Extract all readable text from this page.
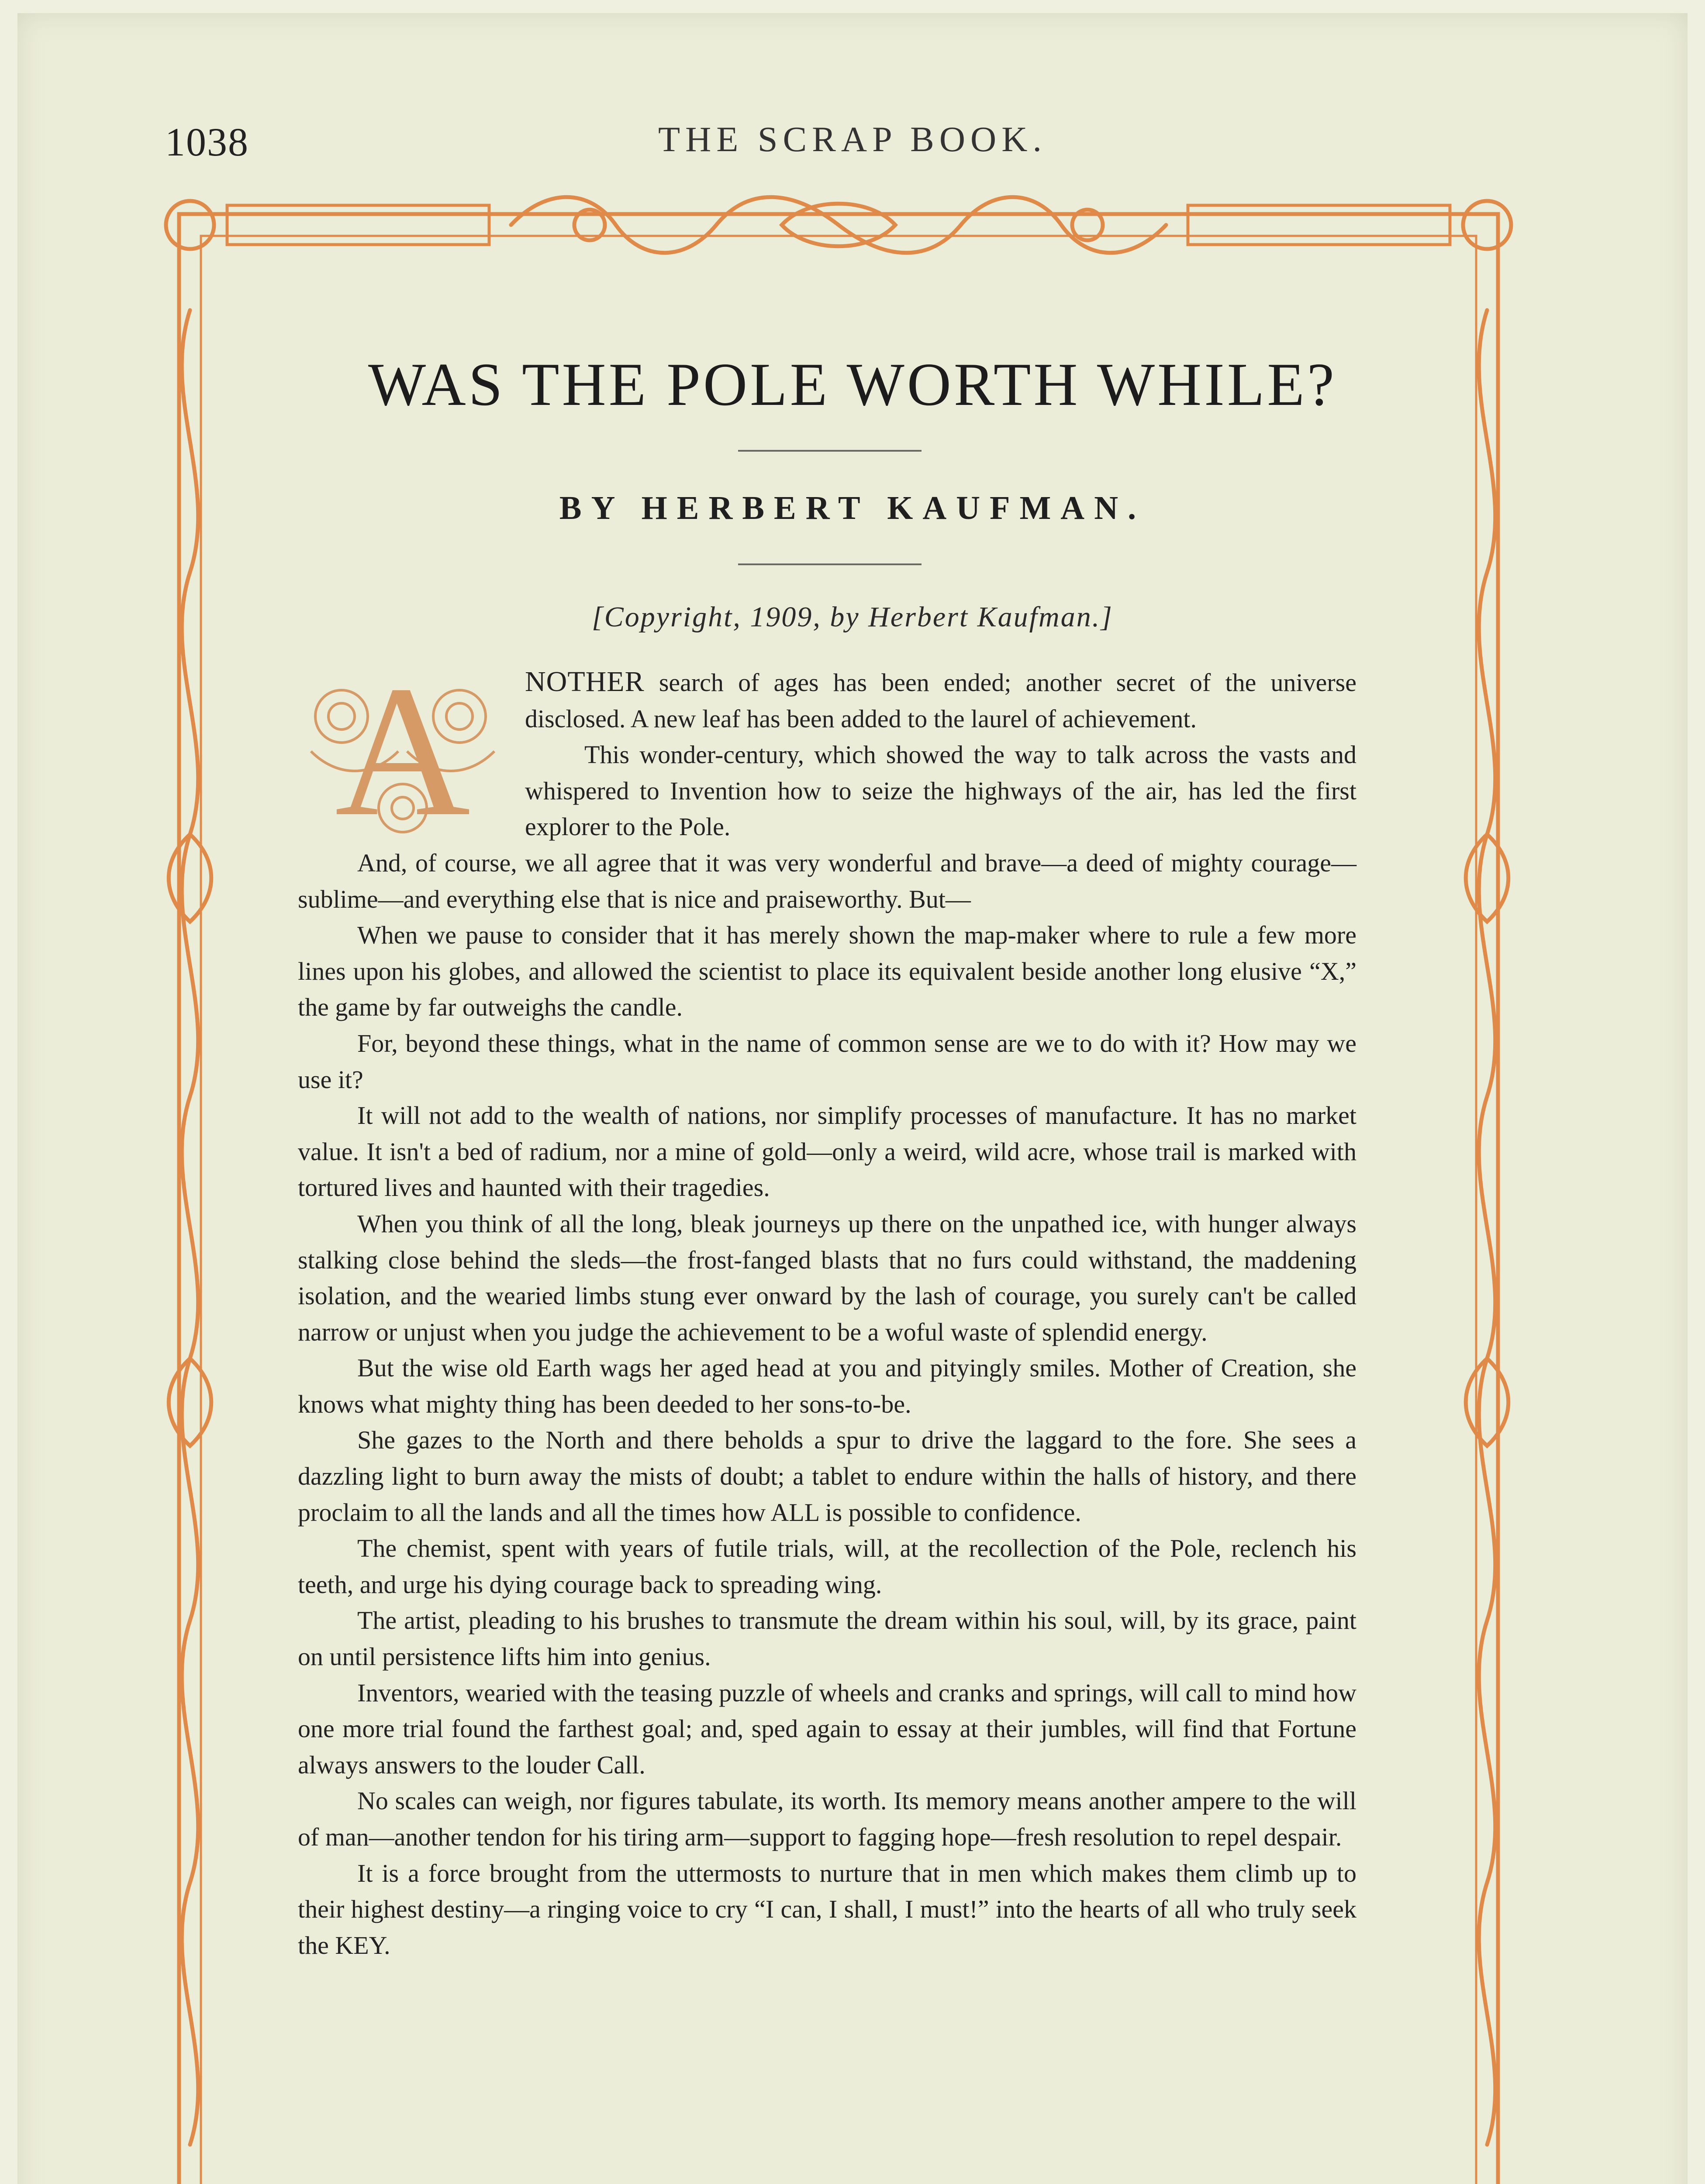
1038	THE SCRAP BOOK.
WAS THE POLE WORTH WHILE?
BY HERBERT KAUFMAN.
[Copyright, 1909, by Herbert Kaufman.]

A	NOTHER search of ages has been ended; another secret of the universe disclosed. A new leaf has been added to the laurel of achievement.

This wonder-century, which showed the way to talk across the vasts and whispered to Invention how to seize the highways of the air, has led the first explorer to the Pole.

And, of course, we all agree that it was very wonderful and brave—a deed of mighty courage—sublime—and everything else that is nice and praiseworthy. But—

When we pause to consider that it has merely shown the map-maker where to rule a few more lines upon his globes, and allowed the scientist to place its equivalent beside another long elusive “X,” the game by far outweighs the candle.

For, beyond these things, what in the name of common sense are we to do with it? How may we use it?

It will not add to the wealth of nations, nor simplify processes of manufacture. It has no market value. It isn't a bed of radium, nor a mine of gold—only a weird, wild acre, whose trail is marked with tortured lives and haunted with their tragedies.

When you think of all the long, bleak journeys up there on the unpathed ice, with hunger always stalking close behind the sleds—the frost-fanged blasts that no furs could withstand, the maddening isolation, and the wearied limbs stung ever onward by the lash of courage, you surely can't be called narrow or unjust when you judge the achievement to be a woful waste of splendid energy.

But the wise old Earth wags her aged head at you and pityingly smiles. Mother of Creation, she knows what mighty thing has been deeded to her sons-to-be.

She gazes to the North and there beholds a spur to drive the laggard to the fore. She sees a dazzling light to burn away the mists of doubt; a tablet to endure within the halls of history, and there proclaim to all the lands and all the times how ALL is possible to confidence.

The chemist, spent with years of futile trials, will, at the recollection of the Pole, reclench his teeth, and urge his dying courage back to spreading wing.

The artist, pleading to his brushes to transmute the dream within his soul, will, by its grace, paint on until persistence lifts him into genius.

Inventors, wearied with the teasing puzzle of wheels and cranks and springs, will call to mind how one more trial found the farthest goal; and, sped again to essay at their jumbles, will find that Fortune always answers to the louder Call.

No scales can weigh, nor figures tabulate, its worth. Its memory means another ampere to the will of man—another tendon for his tiring arm—support to fagging hope—fresh resolution to repel despair.

It is a force brought from the uttermosts to nurture that in men which makes them climb up to their highest destiny—a ringing voice to cry “I can, I shall, I must!” into the hearts of all who truly seek the KEY.
